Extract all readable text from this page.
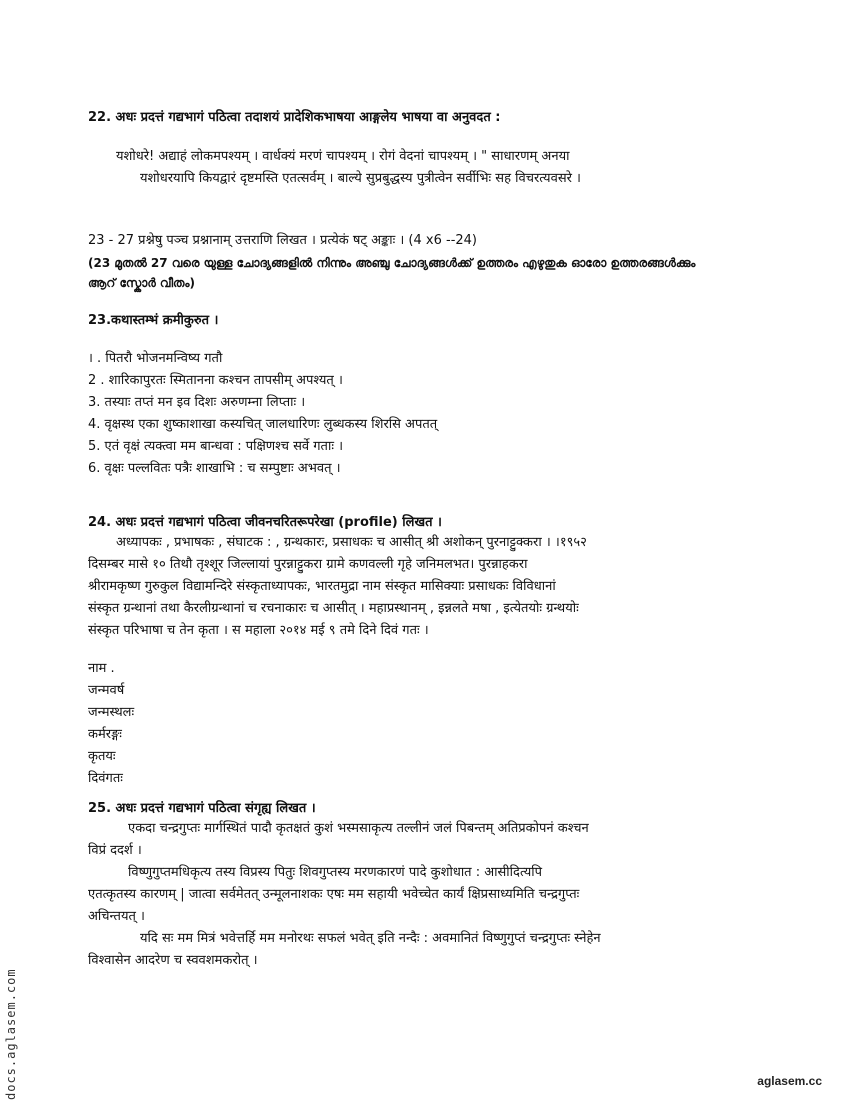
22. अधः प्रदत्तं गद्यभागं पठित्वा तदाशयं प्रादेशिकभाषया आङ्गलेय भाषया वा अनुवदत :
यशोधरे! अद्याहं लोकमपश्यम् । वार्धक्यं मरणं चापश्यम् । रोगं वेदनां चापश्यम् । " साधारणम् अनया
यशोधरयापि कियद्वारं दृष्टमस्ति एतत्सर्वम् । बाल्ये सुप्रबुद्धस्य पुत्रीत्वेन सर्वीभिः सह विचरत्यवसरे ।
23 - 27 प्रश्नेषु पञ्च प्रश्नानाम् उत्तराणि लिखत । प्रत्येकं षट् अङ्काः । (4 x6 --24)
(23 മുതൽ 27 വരെ യുള്ള ചോദ്യങ്ങളിൽ നിന്നും അഞ്ചു ചോദ്യങ്ങൾക്ക് ഉത്തരം എഴുതുക ഓരോ ഉത്തരങ്ങൾക്കും
ആറ് സ്കോർ വീതം)
23.कथास्तम्भं क्रमीकुरुत ।
। . पितरौ भोजनमन्विष्य गतौ
2 . शारिकापुरतः स्मितानना कश्चन तापसीम् अपश्यत् ।
3. तस्याः तप्तं मन इव दिशः अरुणम्ना लिप्ताः ।
4. वृक्षस्थ एका शुष्काशाखा कस्यचित् जालधारिणः लुब्धकस्य शिरसि अपतत्
5. एतं वृक्षं त्यक्त्वा मम बान्धवा : पक्षिणश्च सर्वे गताः ।
6. वृक्षः पल्लवितः पत्रैः शाखाभि : च सम्पुष्टाः अभवत् ।
24. अधः प्रदत्तं गद्यभागं पठित्वा जीवनचरितरूपरेखा (profile) लिखत ।
अध्यापकः , प्रभाषकः , संघाटक : , ग्रन्थकारः, प्रसाधकः च आसीत् श्री अशोकन् पुरनाट्टुक्करा । ।१९५२
दिसम्बर मासे १० तिथौ तृश्शूर जिल्लायां पुरन्नाट्टुकरा ग्रामे कणवल्ली गृहे जनिमलभत। पुरन्नाहकरा
श्रीरामकृष्ण गुरुकुल विद्यामन्दिरे संस्कृताध्यापकः, भारतमुद्रा नाम संस्कृत मासिक्याः प्रसाधकः विविधानां
संस्कृत ग्रन्थानां तथा कैरलीग्रन्थानां च रचनाकारः च आसीत् । महाप्रस्थानम् , इन्नलते मषा , इत्येतयोः ग्रन्थयोः
संस्कृत परिभाषा च तेन कृता । स महाला २०१४ मई ९ तमे दिने दिवं गतः ।
नाम .
जन्मवर्ष
जन्मस्थलः
कर्मरङ्गः
कृतयः
दिवंगतः
25. अधः प्रदत्तं गद्यभागं पठित्वा संगृह्य लिखत ।
एकदा चन्द्रगुप्तः मार्गस्थितं पादौ कृतक्षतं कुशं भस्मसाकृत्य तल्लीनं जलं पिबन्तम् अतिप्रकोपनं कश्चन
विप्रं ददर्श ।
विष्णुगुप्तमधिकृत्य तस्य विप्रस्य पितुः शिवगुप्तस्य मरणकारणं पादे कुशोधात : आसीदित्यपि
एतत्कृतस्य कारणम् | जात्वा सर्वमेतत् उन्मूलनाशकः एषः मम सहायी भवेच्चेत कार्यं क्षिप्रसाध्यमिति चन्द्रगुप्तः
अचिन्तयत् ।
यदि सः मम मित्रं भवेत्तर्हि मम मनोरथः सफलं भवेत् इति नन्दैः : अवमानितं विष्णुगुप्तं चन्द्रगुप्तः स्नेहेन
विश्वासेन आदरेण च स्ववशमकरोत् ।
docs.aglasem.com	aglasem.cc
